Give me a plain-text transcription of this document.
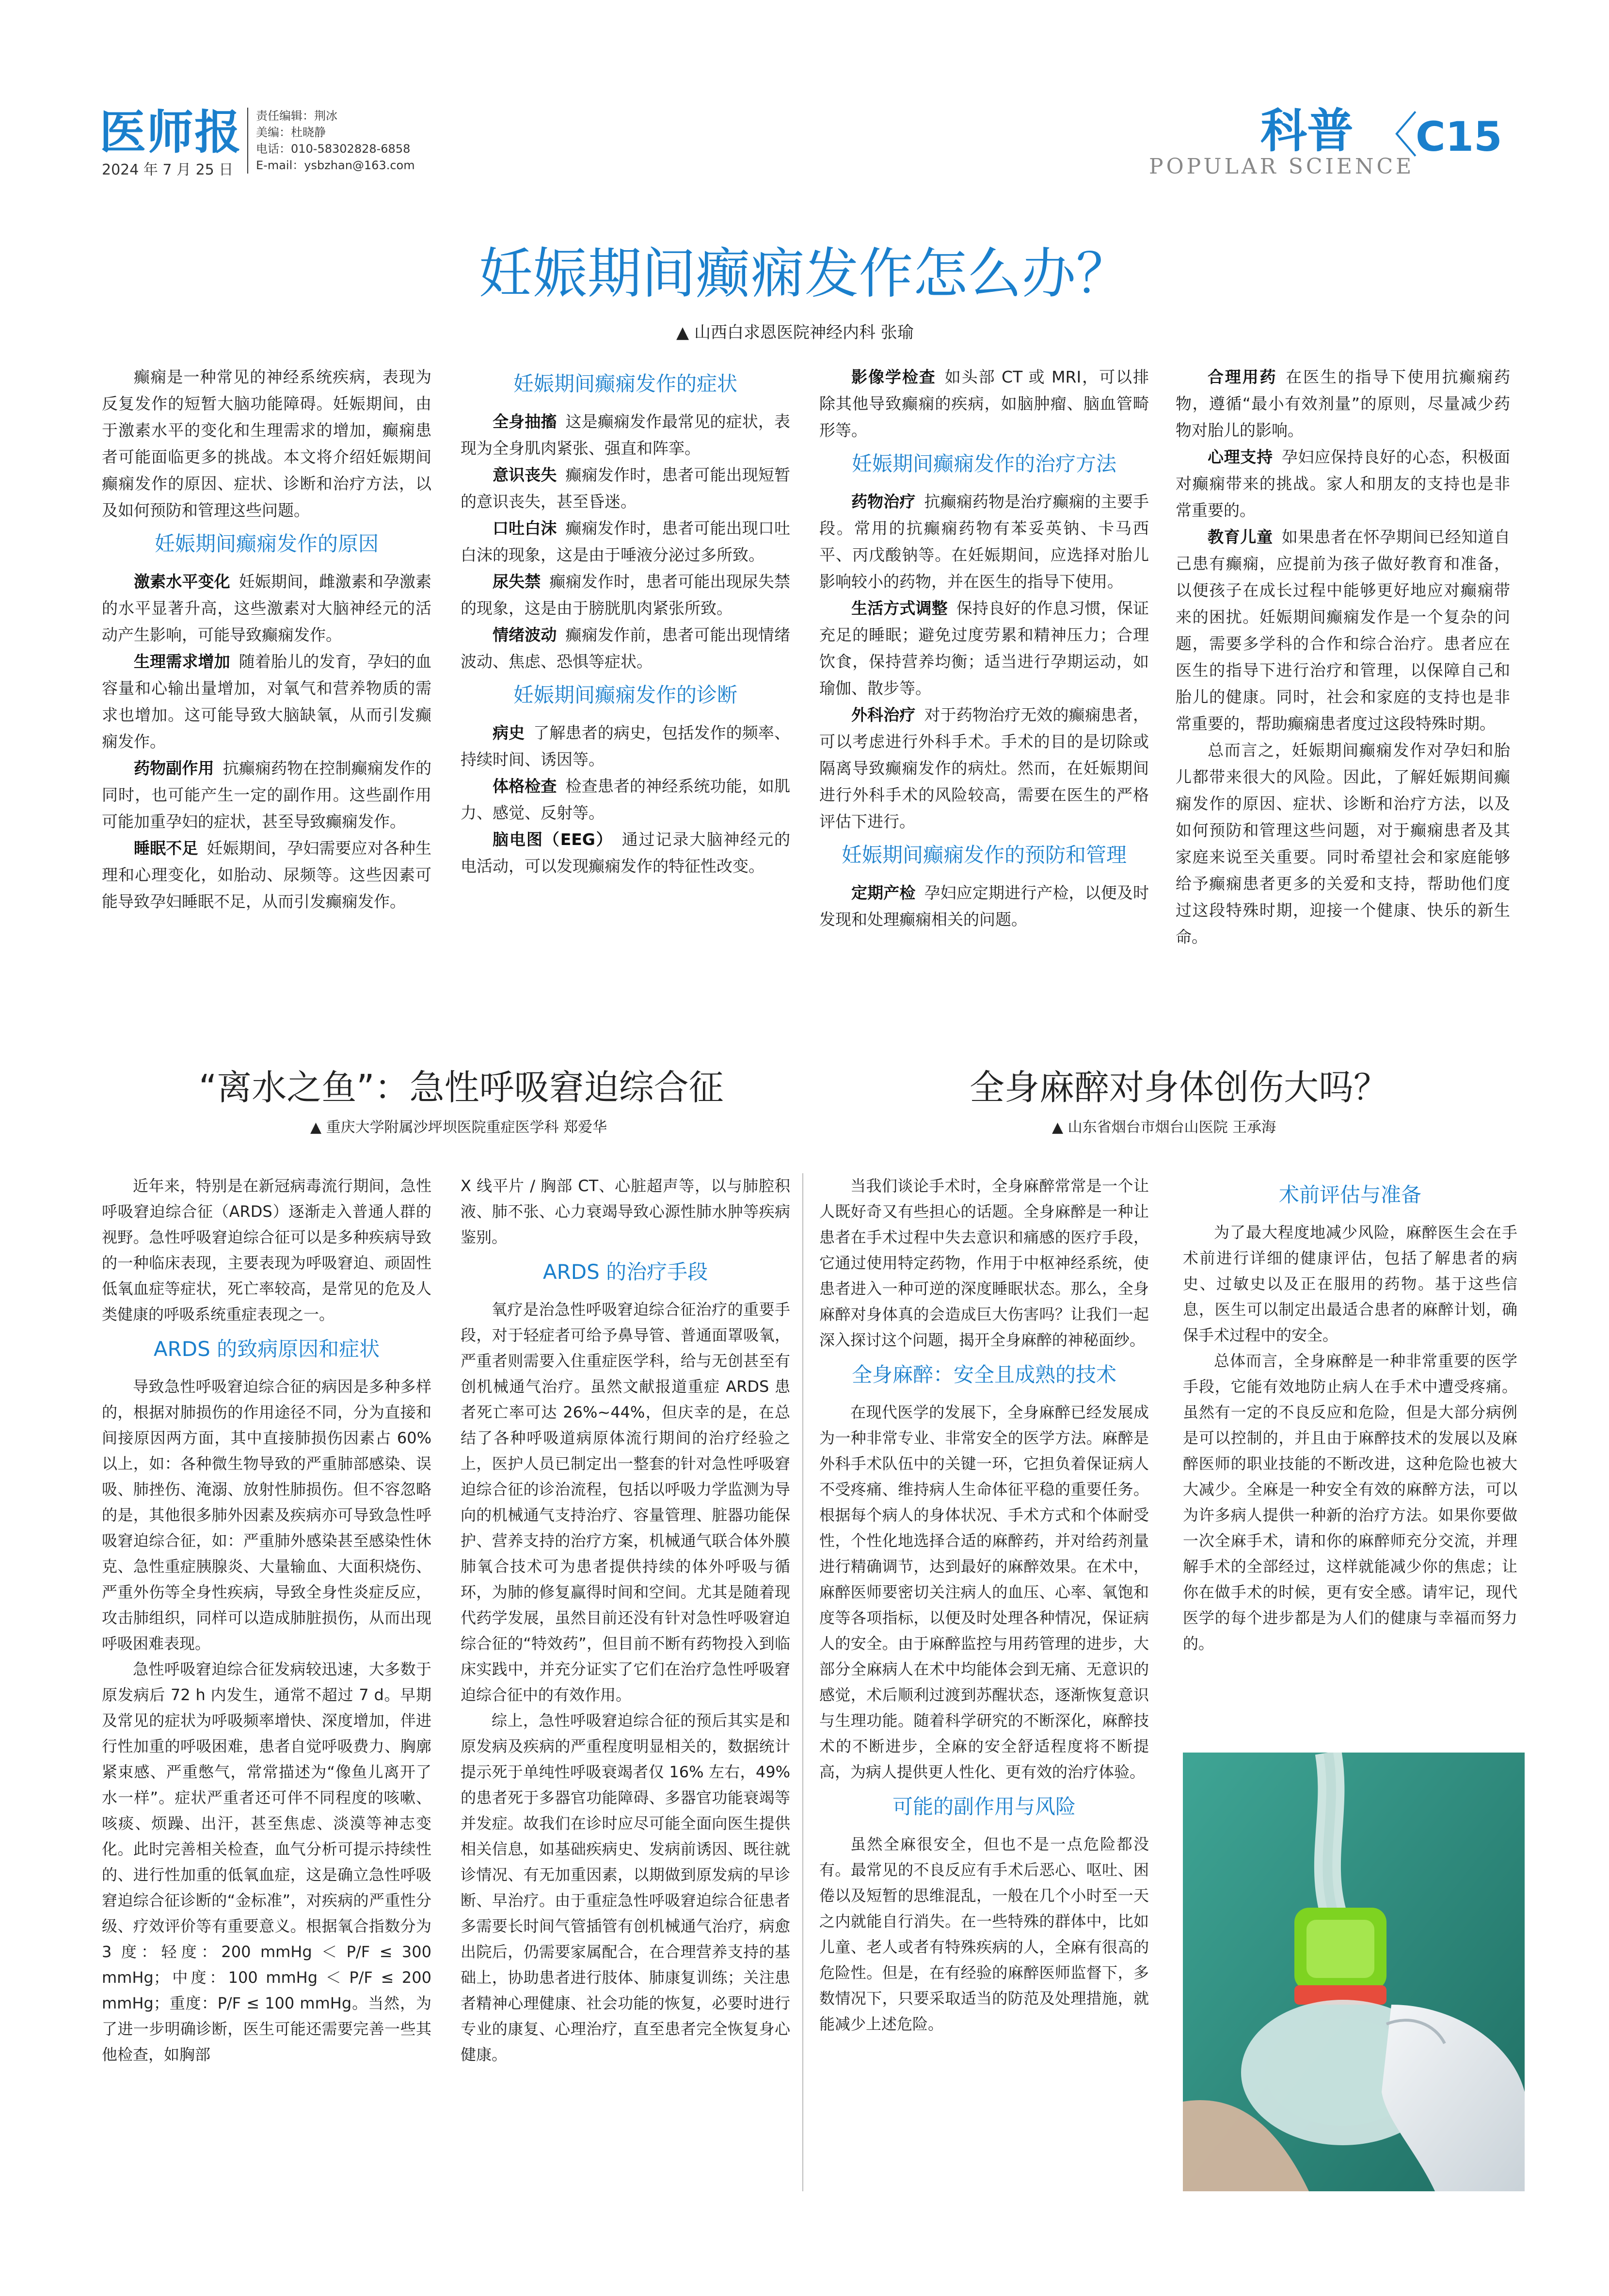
医师报
2024 年 7 月 25 日
责任编辑：荆冰
美编：杜晓静
电话：010-58302828-6858
E-mail：ysbzhan@163.com
科普 〈
C15
POPULAR SCIENCE
妊娠期间癫痫发作怎么办？
▲ 山西白求恩医院神经内科 张瑜

癫痫是一种常见的神经系统疾病，表现为反复发作的短暂大脑功能障碍。妊娠期间，由于激素水平的变化和生理需求的增加，癫痫患者可能面临更多的挑战。本文将介绍妊娠期间癫痫发作的原因、症状、诊断和治疗方法，以及如何预防和管理这些问题。

妊娠期间癫痫发作的原因

激素水平变化 妊娠期间，雌激素和孕激素的水平显著升高，这些激素对大脑神经元的活动产生影响，可能导致癫痫发作。

生理需求增加 随着胎儿的发育，孕妇的血容量和心输出量增加，对氧气和营养物质的需求也增加。这可能导致大脑缺氧，从而引发癫痫发作。

药物副作用 抗癫痫药物在控制癫痫发作的同时，也可能产生一定的副作用。这些副作用可能加重孕妇的症状，甚至导致癫痫发作。

睡眠不足 妊娠期间，孕妇需要应对各种生理和心理变化，如胎动、尿频等。这些因素可能导致孕妇睡眠不足，从而引发癫痫发作。

妊娠期间癫痫发作的症状

全身抽搐 这是癫痫发作最常见的症状，表现为全身肌肉紧张、强直和阵挛。

意识丧失 癫痫发作时，患者可能出现短暂的意识丧失，甚至昏迷。

口吐白沫 癫痫发作时，患者可能出现口吐白沫的现象，这是由于唾液分泌过多所致。

尿失禁 癫痫发作时，患者可能出现尿失禁的现象，这是由于膀胱肌肉紧张所致。

情绪波动 癫痫发作前，患者可能出现情绪波动、焦虑、恐惧等症状。

妊娠期间癫痫发作的诊断

病史 了解患者的病史，包括发作的频率、持续时间、诱因等。

体格检查 检查患者的神经系统功能，如肌力、感觉、反射等。

脑电图（EEG） 通过记录大脑神经元的电活动，可以发现癫痫发作的特征性改变。

影像学检查 如头部 CT 或 MRI，可以排除其他导致癫痫的疾病，如脑肿瘤、脑血管畸形等。

妊娠期间癫痫发作的治疗方法

药物治疗 抗癫痫药物是治疗癫痫的主要手段。常用的抗癫痫药物有苯妥英钠、卡马西平、丙戊酸钠等。在妊娠期间，应选择对胎儿影响较小的药物，并在医生的指导下使用。

生活方式调整 保持良好的作息习惯，保证充足的睡眠；避免过度劳累和精神压力；合理饮食，保持营养均衡；适当进行孕期运动，如瑜伽、散步等。

外科治疗 对于药物治疗无效的癫痫患者，可以考虑进行外科手术。手术的目的是切除或隔离导致癫痫发作的病灶。然而，在妊娠期间进行外科手术的风险较高，需要在医生的严格评估下进行。

妊娠期间癫痫发作的预防和管理

定期产检 孕妇应定期进行产检，以便及时发现和处理癫痫相关的问题。

合理用药 在医生的指导下使用抗癫痫药物，遵循“最小有效剂量”的原则，尽量减少药物对胎儿的影响。

心理支持 孕妇应保持良好的心态，积极面对癫痫带来的挑战。家人和朋友的支持也是非常重要的。

教育儿童 如果患者在怀孕期间已经知道自己患有癫痫，应提前为孩子做好教育和准备，以便孩子在成长过程中能够更好地应对癫痫带来的困扰。妊娠期间癫痫发作是一个复杂的问题，需要多学科的合作和综合治疗。患者应在医生的指导下进行治疗和管理，以保障自己和胎儿的健康。同时，社会和家庭的支持也是非常重要的，帮助癫痫患者度过这段特殊时期。

总而言之，妊娠期间癫痫发作对孕妇和胎儿都带来很大的风险。因此，了解妊娠期间癫痫发作的原因、症状、诊断和治疗方法，以及如何预防和管理这些问题，对于癫痫患者及其家庭来说至关重要。同时希望社会和家庭能够给予癫痫患者更多的关爱和支持，帮助他们度过这段特殊时期，迎接一个健康、快乐的新生命。

“离水之鱼”：急性呼吸窘迫综合征
▲ 重庆大学附属沙坪坝医院重症医学科 郑爱华

近年来，特别是在新冠病毒流行期间，急性呼吸窘迫综合征（ARDS）逐渐走入普通人群的视野。急性呼吸窘迫综合征可以是多种疾病导致的一种临床表现，主要表现为呼吸窘迫、顽固性低氧血症等症状，死亡率较高，是常见的危及人类健康的呼吸系统重症表现之一。

ARDS 的致病原因和症状

导致急性呼吸窘迫综合征的病因是多种多样的，根据对肺损伤的作用途径不同，分为直接和间接原因两方面，其中直接肺损伤因素占 60% 以上，如：各种微生物导致的严重肺部感染、误吸、肺挫伤、淹溺、放射性肺损伤。但不容忽略的是，其他很多肺外因素及疾病亦可导致急性呼吸窘迫综合征，如：严重肺外感染甚至感染性休克、急性重症胰腺炎、大量输血、大面积烧伤、严重外伤等全身性疾病，导致全身性炎症反应，攻击肺组织，同样可以造成肺脏损伤，从而出现呼吸困难表现。

急性呼吸窘迫综合征发病较迅速，大多数于原发病后 72 h 内发生，通常不超过 7 d。早期及常见的症状为呼吸频率增快、深度增加，伴进行性加重的呼吸困难，患者自觉呼吸费力、胸廓紧束感、严重憋气，常常描述为“像鱼儿离开了水一样”。症状严重者还可伴不同程度的咳嗽、咳痰、烦躁、出汗，甚至焦虑、淡漠等神志变化。此时完善相关检查，血气分析可提示持续性的、进行性加重的低氧血症，这是确立急性呼吸窘迫综合征诊断的“金标准”，对疾病的严重性分级、疗效评价等有重要意义。根据氧合指数分为 3 度：轻度：200 mmHg ＜ P/F ≤ 300 mmHg；中度：100 mmHg ＜ P/F ≤ 200 mmHg；重度：P/F ≤ 100 mmHg。当然，为了进一步明确诊断，医生可能还需要完善一些其他检查，如胸部

X 线平片 / 胸部 CT、心脏超声等，以与肺腔积液、肺不张、心力衰竭导致心源性肺水肿等疾病鉴别。

ARDS 的治疗手段

氧疗是治急性呼吸窘迫综合征治疗的重要手段，对于轻症者可给予鼻导管、普通面罩吸氧，严重者则需要入住重症医学科，给与无创甚至有创机械通气治疗。虽然文献报道重症 ARDS 患者死亡率可达 26%~44%，但庆幸的是，在总结了各种呼吸道病原体流行期间的治疗经验之上，医护人员已制定出一整套的针对急性呼吸窘迫综合征的诊治流程，包括以呼吸力学监测为导向的机械通气支持治疗、容量管理、脏器功能保护、营养支持的治疗方案，机械通气联合体外膜肺氧合技术可为患者提供持续的体外呼吸与循环，为肺的修复赢得时间和空间。尤其是随着现代药学发展，虽然目前还没有针对急性呼吸窘迫综合征的“特效药”，但目前不断有药物投入到临床实践中，并充分证实了它们在治疗急性呼吸窘迫综合征中的有效作用。

综上，急性呼吸窘迫综合征的预后其实是和原发病及疾病的严重程度明显相关的，数据统计提示死于单纯性呼吸衰竭者仅 16% 左右，49% 的患者死于多器官功能障碍、多器官功能衰竭等并发症。故我们在诊时应尽可能全面向医生提供相关信息，如基础疾病史、发病前诱因、既往就诊情况、有无加重因素，以期做到原发病的早诊断、早治疗。由于重症急性呼吸窘迫综合征患者多需要长时间气管插管有创机械通气治疗，病愈出院后，仍需要家属配合，在合理营养支持的基础上，协助患者进行肢体、肺康复训练；关注患者精神心理健康、社会功能的恢复，必要时进行专业的康复、心理治疗，直至患者完全恢复身心健康。

全身麻醉对身体创伤大吗？
▲ 山东省烟台市烟台山医院 王承海

当我们谈论手术时，全身麻醉常常是一个让人既好奇又有些担心的话题。全身麻醉是一种让患者在手术过程中失去意识和痛感的医疗手段，它通过使用特定药物，作用于中枢神经系统，使患者进入一种可逆的深度睡眠状态。那么，全身麻醉对身体真的会造成巨大伤害吗？让我们一起深入探讨这个问题，揭开全身麻醉的神秘面纱。

全身麻醉：安全且成熟的技术

在现代医学的发展下，全身麻醉已经发展成为一种非常专业、非常安全的医学方法。麻醉是外科手术队伍中的关键一环，它担负着保证病人不受疼痛、维持病人生命体征平稳的重要任务。根据每个病人的身体状况、手术方式和个体耐受性，个性化地选择合适的麻醉药，并对给药剂量进行精确调节，达到最好的麻醉效果。在术中，麻醉医师要密切关注病人的血压、心率、氧饱和度等各项指标，以便及时处理各种情况，保证病人的安全。由于麻醉监控与用药管理的进步，大部分全麻病人在术中均能体会到无痛、无意识的感觉，术后顺利过渡到苏醒状态，逐渐恢复意识与生理功能。随着科学研究的不断深化，麻醉技术的不断进步，全麻的安全舒适程度将不断提高，为病人提供更人性化、更有效的治疗体验。

可能的副作用与风险

虽然全麻很安全，但也不是一点危险都没有。最常见的不良反应有手术后恶心、呕吐、困倦以及短暂的思维混乱，一般在几个小时至一天之内就能自行消失。在一些特殊的群体中，比如儿童、老人或者有特殊疾病的人，全麻有很高的危险性。但是，在有经验的麻醉医师监督下，多数情况下，只要采取适当的防范及处理措施，就能减少上述危险。

术前评估与准备

为了最大程度地减少风险，麻醉医生会在手术前进行详细的健康评估，包括了解患者的病史、过敏史以及正在服用的药物。基于这些信息，医生可以制定出最适合患者的麻醉计划，确保手术过程中的安全。

总体而言，全身麻醉是一种非常重要的医学手段，它能有效地防止病人在手术中遭受疼痛。虽然有一定的不良反应和危险，但是大部分病例是可以控制的，并且由于麻醉技术的发展以及麻醉医师的职业技能的不断改进，这种危险也被大大减少。全麻是一种安全有效的麻醉方法，可以为许多病人提供一种新的治疗方法。如果你要做一次全麻手术，请和你的麻醉师充分交流，并理解手术的全部经过，这样就能减少你的焦虑；让你在做手术的时候，更有安全感。请牢记，现代医学的每个进步都是为人们的健康与幸福而努力的。
